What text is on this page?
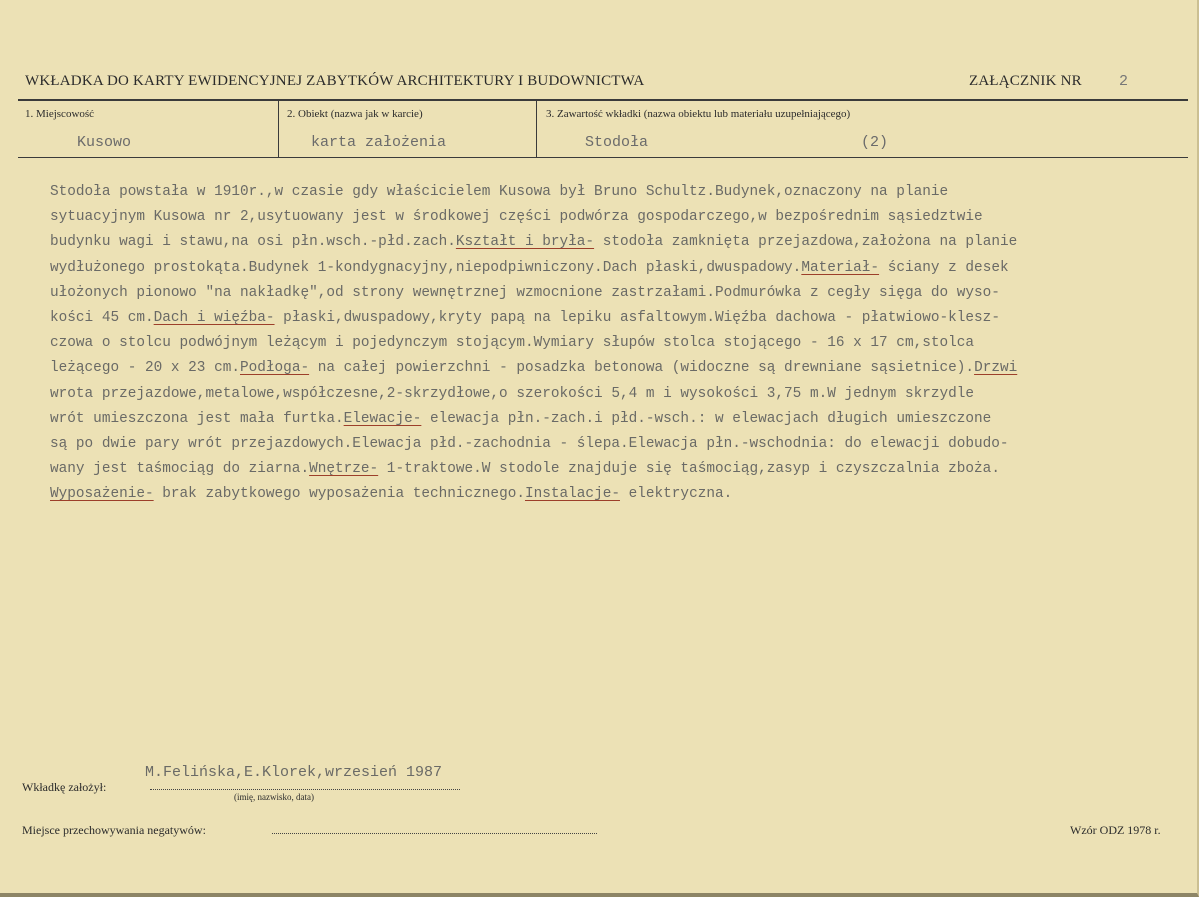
WKŁADKA DO KARTY EWIDENCYJNEJ ZABYTKÓW ARCHITEKTURY I BUDOWNICTWA	ZAŁĄCZNIK NR 2
1. Miejscowość	2. Obiekt (nazwa jak w karcie)	3. Zawartość wkładki (nazwa obiektu lub materiału uzupełniającego)
Kusowo	karta założenia	Stodoła	(2)
Stodoła powstała w 1910r.,w czasie gdy właścicielem Kusowa był Bruno Schultz.Budynek,oznaczony na planie
sytuacyjnym Kusowa nr 2,usytuowany jest w środkowej części podwórza gospodarczego,w bezpośrednim sąsiedztwie
budynku wagi i stawu,na osi płn.wsch.-płd.zach.Kształt i bryła- stodoła zamknięta przejazdowa,założona na planie
wydłużonego prostokąta.Budynek 1-kondygnacyjny,niepodpiwniczony.Dach płaski,dwuspadowy.Materiał- ściany z desek
ułożonych pionowo "na nakładkę",od strony wewnętrznej wzmocnione zastrzałami.Podmurówka z cegły sięga do wyso-
kości 45 cm.Dach i więźba- płaski,dwuspadowy,kryty papą na lepiku asfaltowym.Więźba dachowa - płatwiowo-klesz-
czowa o stolcu podwójnym leżącym i pojedynczym stojącym.Wymiary słupów stolca stojącego - 16 x 17 cm,stolca
leżącego - 20 x 23 cm.Podłoga- na całej powierzchni - posadzka betonowa (widoczne są drewniane sąsietnice).Drzwi
wrota przejazdowe,metalowe,współczesne,2-skrzydłowe,o szerokości 5,4 m i wysokości 3,75 m.W jednym skrzydle
wrót umieszczona jest mała furtka.Elewacje- elewacja płn.-zach.i płd.-wsch.: w elewacjach długich umieszczone
są po dwie pary wrót przejazdowych.Elewacja płd.-zachodnia - ślepa.Elewacja płn.-wschodnia: do elewacji dobudo-
wany jest taśmociąg do ziarna.Wnętrze- 1-traktowe.W stodole znajduje się taśmociąg,zasyp i czyszczalnia zboża.
Wyposażenie- brak zabytkowego wyposażenia technicznego.Instalacje- elektryczna.
Wkładkę założył:
M.Felińska,E.Klorek,wrzesień 1987
(imię, nazwisko, data)
Miejsce przechowywania negatywów:	Wzór ODZ 1978 r.
